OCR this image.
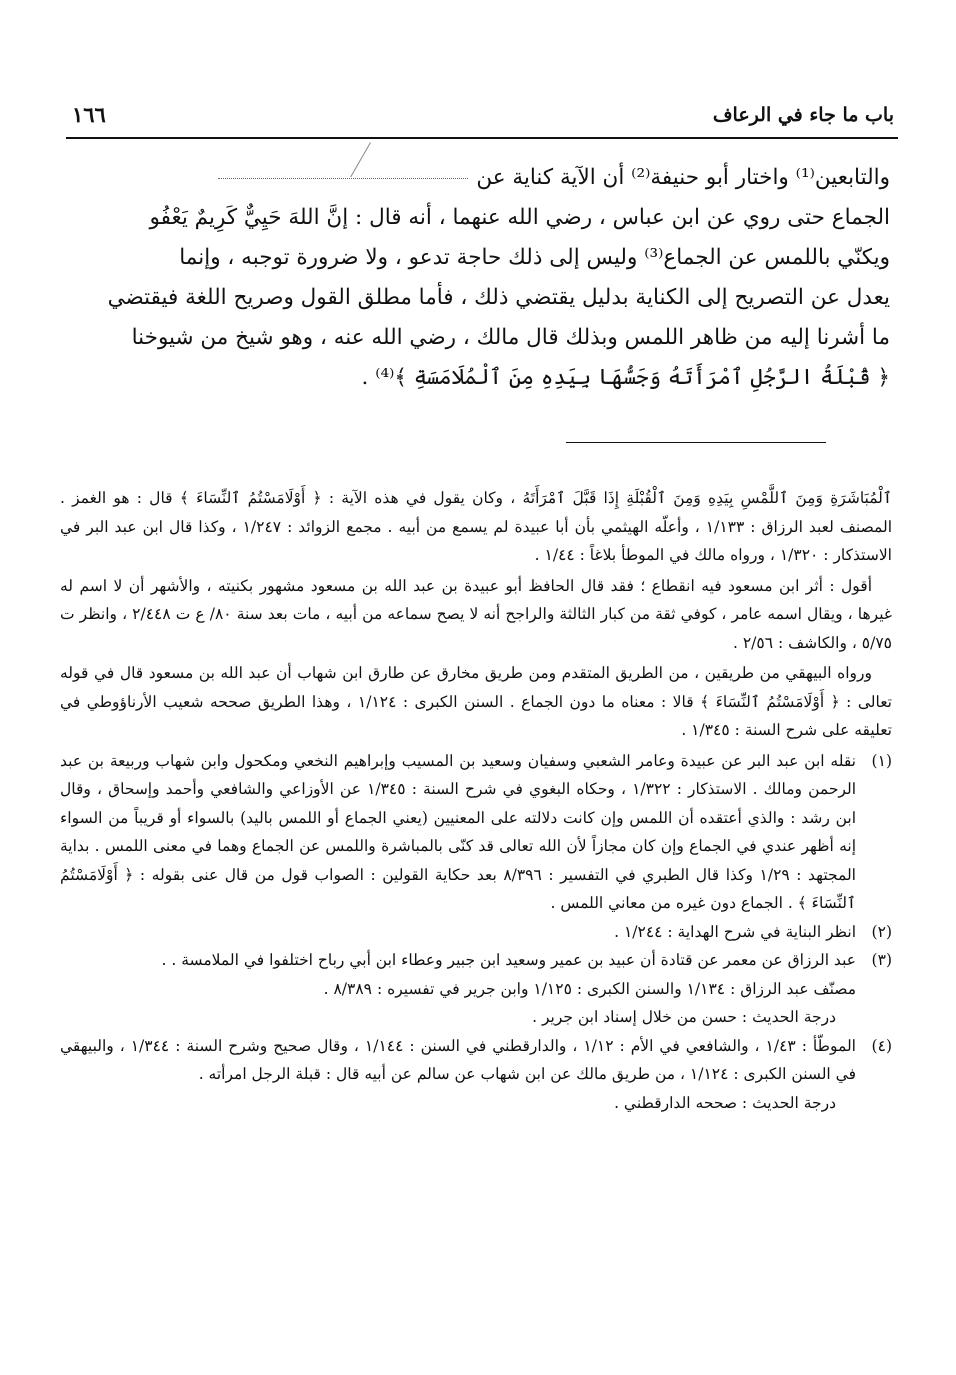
باب ما جاء في الرعاف
١٦٦

والتابعين⁽¹⁾ واختار أبو حنيفة⁽²⁾ أن الآية كناية عن

الجماع حتى روي عن ابن عباس ، رضي الله عنهما ، أنه قال : إنَّ اللهَ حَيِيٌّ كَرِيمٌ يَعْفُو

ويكنّي باللمس عن الجماع⁽³⁾ وليس إلى ذلك حاجة تدعو ، ولا ضرورة توجبه ، وإنما

يعدل عن التصريح إلى الكناية بدليل يقتضي ذلك ، فأما مطلق القول وصريح اللغة فيقتضي

ما أشرنا إليه من ظاهر اللمس وبذلك قال مالك ، رضي الله عنه ، وهو شيخ من شيوخنا

﴿ قُبْلَةُ الرَّجُلِ ٱمْرَأَتَهُ وَجَسُّهَا بِيَدِهِ مِنَ ٱلْمُلَامَسَةِ ﴾⁽⁴⁾ .

ٱلْمُبَاشَرَةِ وَمِنَ ٱللَّمْسِ بِيَدِهِ وَمِنَ ٱلْقُبْلَةِ إِذَا قَبَّلَ ٱمْرَأَتَهُ ، وكان يقول في هذه الآية : ﴿ أَوْلَامَسْتُمُ ٱلنِّسَاءَ ﴾ قال : هو الغمز . المصنف لعبد الرزاق : ١/١٣٣ ، وأعلّه الهيثمي بأن أبا عبيدة لم يسمع من أبيه . مجمع الزوائد : ١/٢٤٧ ، وكذا قال ابن عبد البر في الاستذكار : ١/٣٢٠ ، ورواه مالك في الموطأ بلاغاً : ١/٤٤ .

أقول : أثر ابن مسعود فيه انقطاع ؛ فقد قال الحافظ أبو عبيدة بن عبد الله بن مسعود مشهور بكنيته ، والأشهر أن لا اسم له غيرها ، ويقال اسمه عامر ، كوفي ثقة من كبار الثالثة والراجح أنه لا يصح سماعه من أبيه ، مات بعد سنة ٨٠/ ع ت ٢/٤٤٨ ، وانظر ت ٥/٧٥ ، والكاشف : ٢/٥٦ .

ورواه البيهقي من طريقين ، من الطريق المتقدم ومن طريق مخارق عن طارق ابن شهاب أن عبد الله بن مسعود قال في قوله تعالى : ﴿ أَوْلَامَسْتُمُ ٱلنِّسَاءَ ﴾ قالا : معناه ما دون الجماع . السنن الكبرى : ١/١٢٤ ، وهذا الطريق صححه شعيب الأرناؤوطي في تعليقه على شرح السنة : ١/٣٤٥ .

(١)
نقله ابن عبد البر عن عبيدة وعامر الشعبي وسفيان وسعيد بن المسيب وإبراهيم النخعي ومكحول وابن شهاب وربيعة بن عبد الرحمن ومالك . الاستذكار : ١/٣٢٢ ، وحكاه البغوي في شرح السنة : ١/٣٤٥ عن الأوزاعي والشافعي وأحمد وإسحاق ، وقال ابن رشد : والذي أعتقده أن اللمس وإن كانت دلالته على المعنيين (يعني الجماع أو اللمس باليد) بالسواء أو قريباً من السواء إنه أظهر عندي في الجماع وإن كان مجازاً لأن الله تعالى قد كنّى بالمباشرة واللمس عن الجماع وهما في معنى اللمس . بداية المجتهد : ١/٢٩ وكذا قال الطبري في التفسير : ٨/٣٩٦ بعد حكاية القولين : الصواب قول من قال عنى بقوله : ﴿ أَوْلَامَسْتُمُ ٱلنِّسَاءَ ﴾ . الجماع دون غيره من معاني اللمس .

(٢)
انظر البناية في شرح الهداية : ١/٢٤٤ .

(٣)
عبد الرزاق عن معمر عن قتادة أن عبيد بن عمير وسعيد ابن جبير وعطاء ابن أبي رباح اختلفوا في الملامسة . .

مصنّف عبد الرزاق : ١/١٣٤ والسنن الكبرى : ١/١٢٥ وابن جرير في تفسيره : ٨/٣٨٩ .

درجة الحديث : حسن من خلال إسناد ابن جرير .

(٤)
الموطّأ : ١/٤٣ ، والشافعي في الأم : ١/١٢ ، والدارقطني في السنن : ١/١٤٤ ، وقال صحيح وشرح السنة : ١/٣٤٤ ، والبيهقي في السنن الكبرى : ١/١٢٤ ، من طريق مالك عن ابن شهاب عن سالم عن أبيه قال : قبلة الرجل امرأته .

درجة الحديث : صححه الدارقطني .
